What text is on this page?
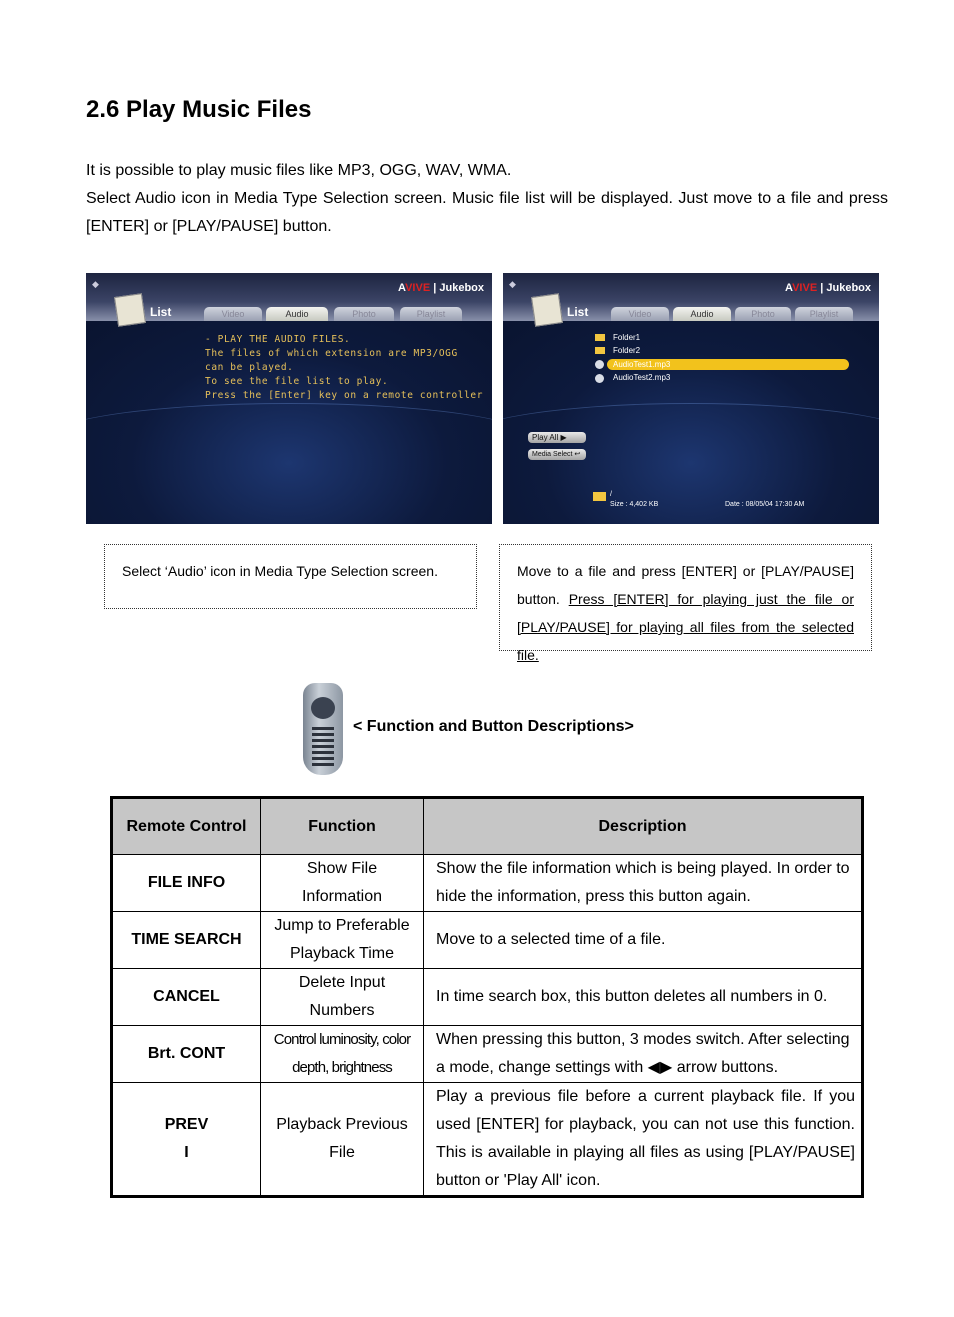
2.6 Play Music Files
It is possible to play music files like MP3, OGG, WAV, WMA.
Select Audio icon in Media Type Selection screen. Music file list will be displayed. Just move to a file and press [ENTER] or [PLAY/PAUSE] button.
◆	AVIVE | Jukebox
List	Video	Audio	Photo	Playlist
- PLAY THE AUDIO FILES.
The files of which extension are MP3/OGG
can be played.
To see the file list to play.
Press the [Enter] key on a remote controller
◆	AVIVE | Jukebox
List	Video	Audio	Photo	Playlist
Folder1
Folder2
AudioTest1.mp3
AudioTest2.mp3
Play All ▶
Media Select ↩
/
Size : 4,402 KB	Date : 08/05/04 17:30 AM
Select ‘Audio’ icon in Media Type Selection screen.	Move to a file and press [ENTER] or [PLAY/PAUSE] button. Press [ENTER] for playing just the file or [PLAY/PAUSE] for playing all files from the selected file.
< Function and Button Descriptions>
Remote Control	Function	Description
FILE INFO	Show File Information	Show the file information which is being played. In order to hide the information, press this button again.
TIME SEARCH	Jump to Preferable Playback Time	Move to a selected time of a file.
CANCEL	Delete Input Numbers	In time search box, this button deletes all numbers in 0.
Brt. CONT	Control luminosity, color depth, brightness	When pressing this button, 3 modes switch. After selecting a mode, change settings with ◀▶ arrow buttons.

PREV
I	Playback Previous File	Play a previous file before a current playback file. If you used [ENTER] for playback, you can not use this function. This is available in playing all files as using [PLAY/PAUSE] button or 'Play All' icon.
